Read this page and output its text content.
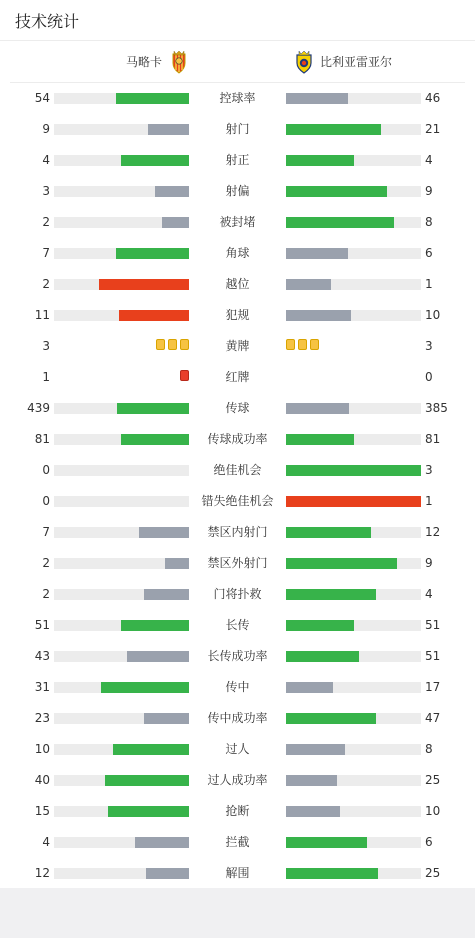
技术统计
马略卡	比利亚雷亚尔
54	控球率	46
9	射门	21
4	射正	4
3	射偏	9
2	被封堵	8
7	角球	6
2	越位	1
11	犯规	10
3	黄牌	3
1	红牌	0
439	传球	385
81	传球成功率	81
0	绝佳机会	3
0	错失绝佳机会	1
7	禁区内射门	12
2	禁区外射门	9
2	门将扑救	4
51	长传	51
43	长传成功率	51
31	传中	17
23	传中成功率	47
10	过人	8
40	过人成功率	25
15	抢断	10
4	拦截	6
12	解围	25
